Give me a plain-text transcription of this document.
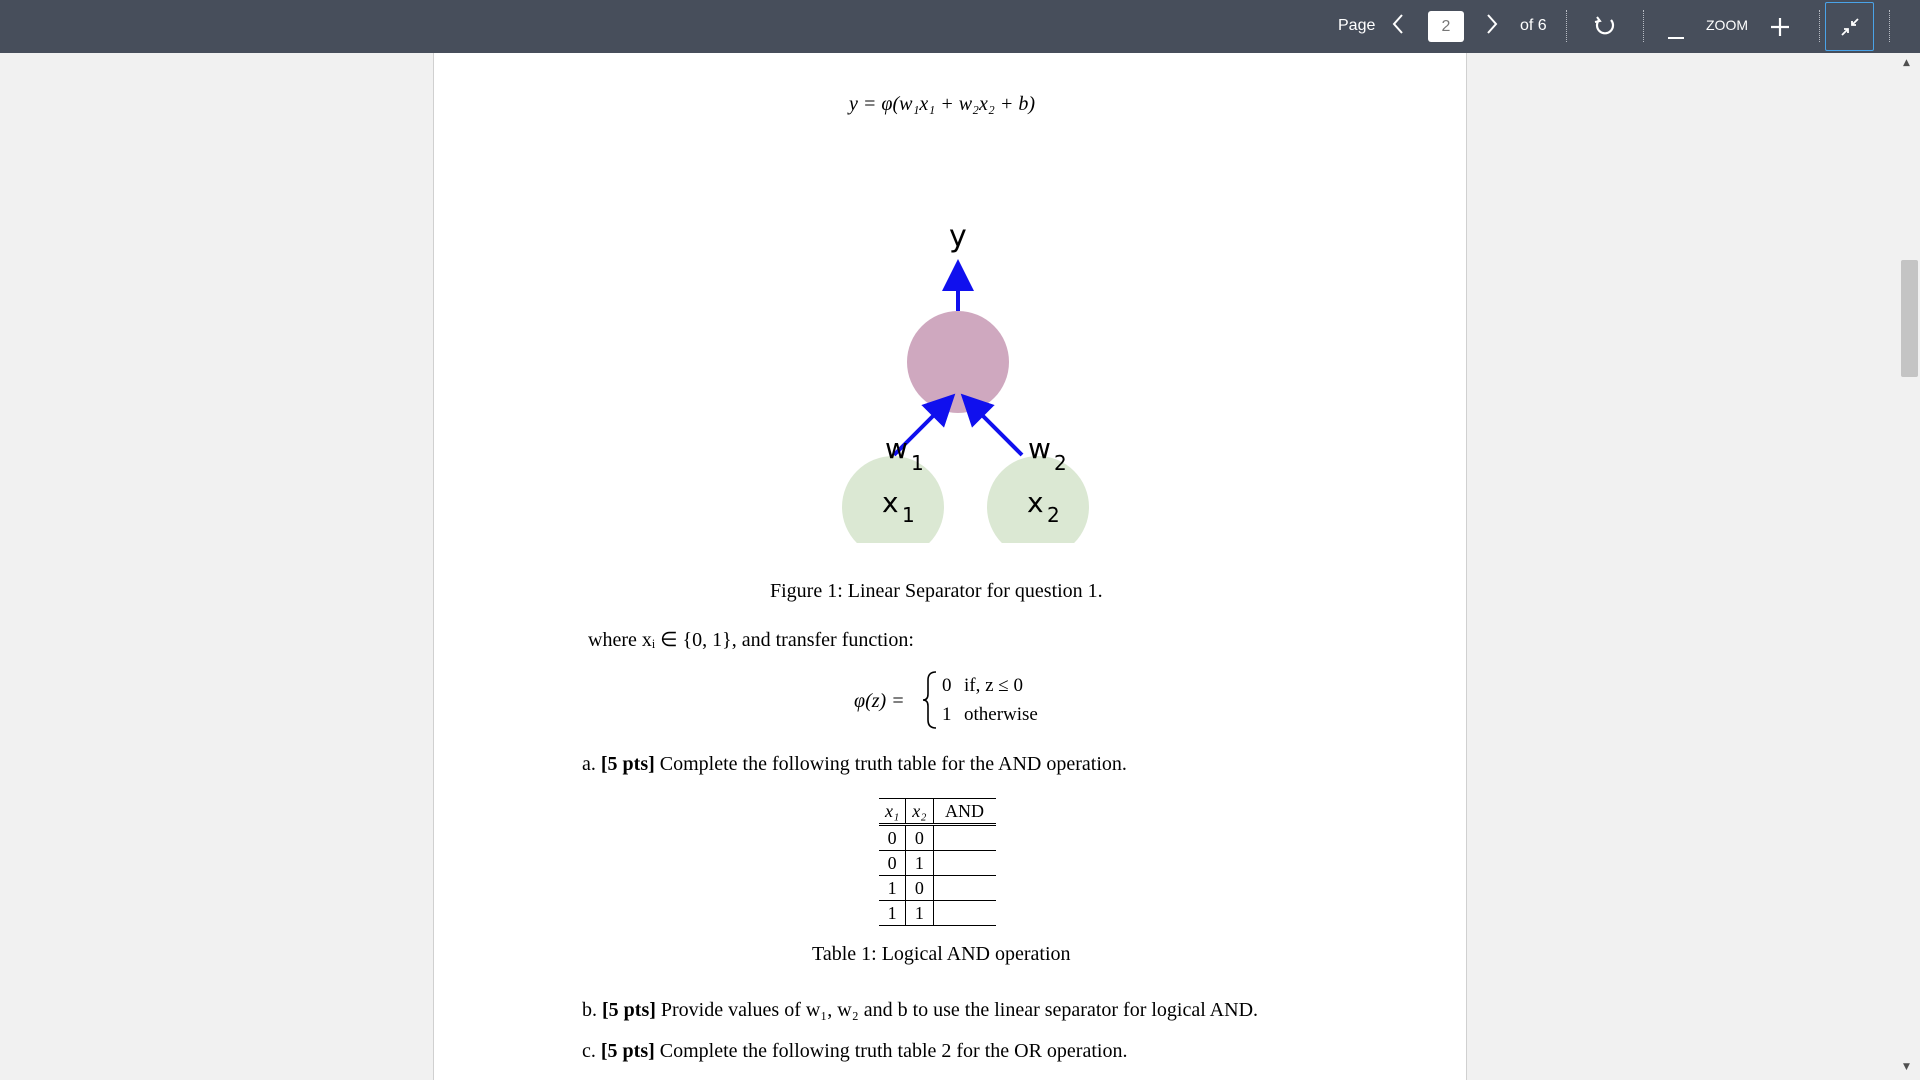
Page	2	of 6	ZOOM
▲
▼
y = φ(w₁x₁ + w₂x₂ + b)
y
w 1	w 2
x 1	x 2
Figure 1: Linear Separator for question 1.
where xᵢ ∈ {0, 1}, and transfer function:
φ(z) =
0 if, z ≤ 0
1 otherwise
a. [5 pts] Complete the following truth table for the AND operation.
x₁	x₂	AND
0	0	
0	1	
1	0	
1	1	
Table 1: Logical AND operation
b. [5 pts] Provide values of w₁, w₂ and b to use the linear separator for logical AND.
c. [5 pts] Complete the following truth table 2 for the OR operation.
